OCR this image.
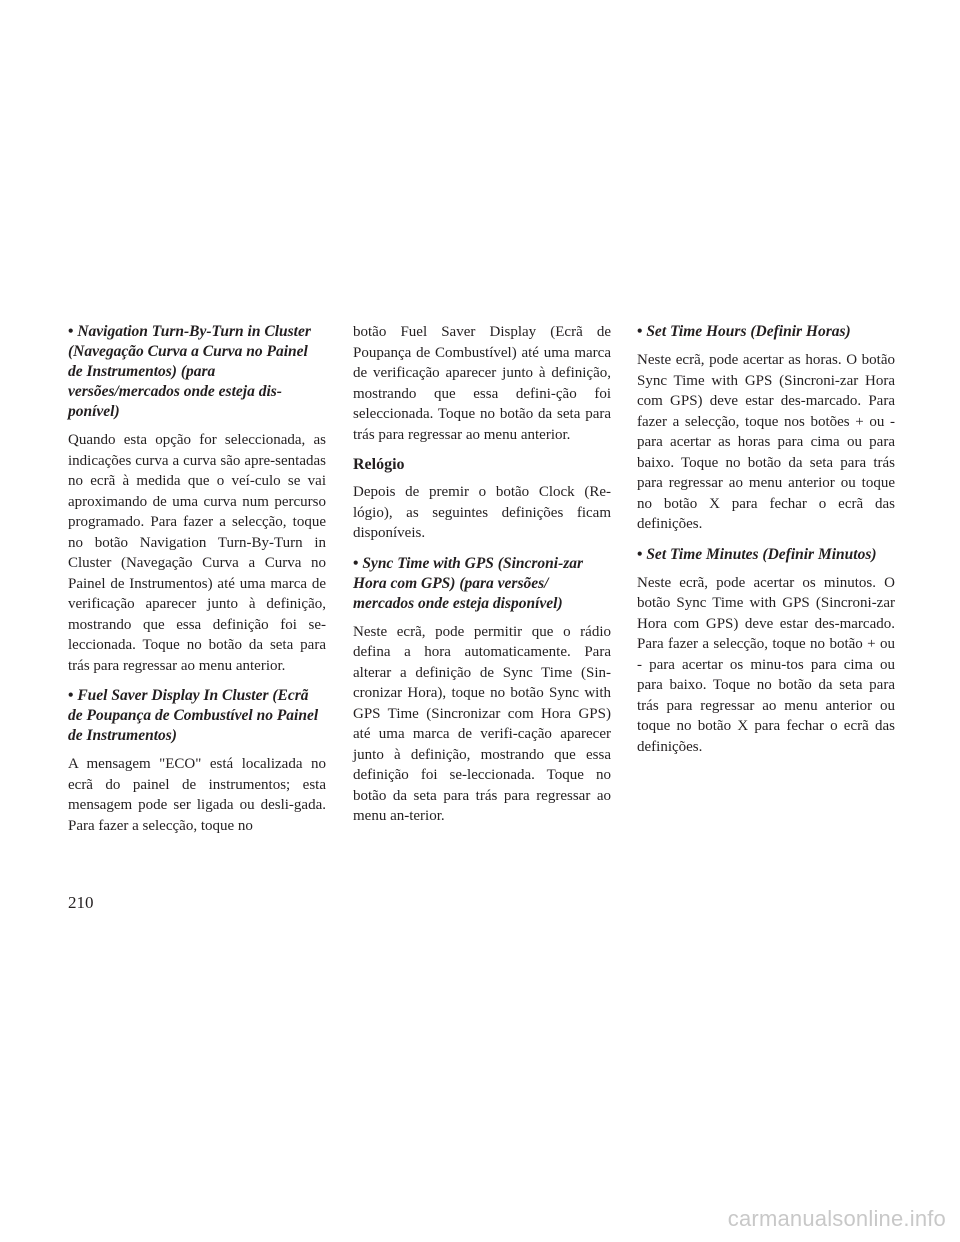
• Navigation Turn-By-Turn in Cluster (Navegação Curva a Curva no Painel de Instrumentos) (para versões/mercados onde esteja dis-ponível)

Quando esta opção for seleccionada, as indicações curva a curva são apre-sentadas no ecrã à medida que o veí-culo se vai aproximando de uma curva num percurso programado. Para fazer a selecção, toque no botão Navigation Turn-By-Turn in Cluster (Navegação Curva a Curva no Painel de Instrumentos) até uma marca de verificação aparecer junto à definição, mostrando que essa definição foi se-leccionada. Toque no botão da seta para trás para regressar ao menu anterior.

• Fuel Saver Display In Cluster (Ecrã de Poupança de Combustível no Painel de Instrumentos)

A mensagem "ECO" está localizada no ecrã do painel de instrumentos; esta mensagem pode ser ligada ou desli-gada. Para fazer a selecção, toque no

botão Fuel Saver Display (Ecrã de Poupança de Combustível) até uma marca de verificação aparecer junto à definição, mostrando que essa defini-ção foi seleccionada. Toque no botão da seta para trás para regressar ao menu anterior.

Relógio

Depois de premir o botão Clock (Re-lógio), as seguintes definições ficam disponíveis.

• Sync Time with GPS (Sincroni-zar Hora com GPS) (para versões/ mercados onde esteja disponível)

Neste ecrã, pode permitir que o rádio defina a hora automaticamente. Para alterar a definição de Sync Time (Sin-cronizar Hora), toque no botão Sync with GPS Time (Sincronizar com Hora GPS) até uma marca de verifi-cação aparecer junto à definição, mostrando que essa definição foi se-leccionada. Toque no botão da seta para trás para regressar ao menu an-terior.

• Set Time Hours (Definir Horas)

Neste ecrã, pode acertar as horas. O botão Sync Time with GPS (Sincroni-zar Hora com GPS) deve estar des-marcado. Para fazer a selecção, toque nos botões + ou - para acertar as horas para cima ou para baixo. Toque no botão da seta para trás para regressar ao menu anterior ou toque no botão X para fechar o ecrã das definições.

• Set Time Minutes (Definir Minutos)

Neste ecrã, pode acertar os minutos. O botão Sync Time with GPS (Sincroni-zar Hora com GPS) deve estar des-marcado. Para fazer a selecção, toque no botão + ou - para acertar os minu-tos para cima ou para baixo. Toque no botão da seta para trás para regressar ao menu anterior ou toque no botão X para fechar o ecrã das definições.

210
carmanualsonline.info
